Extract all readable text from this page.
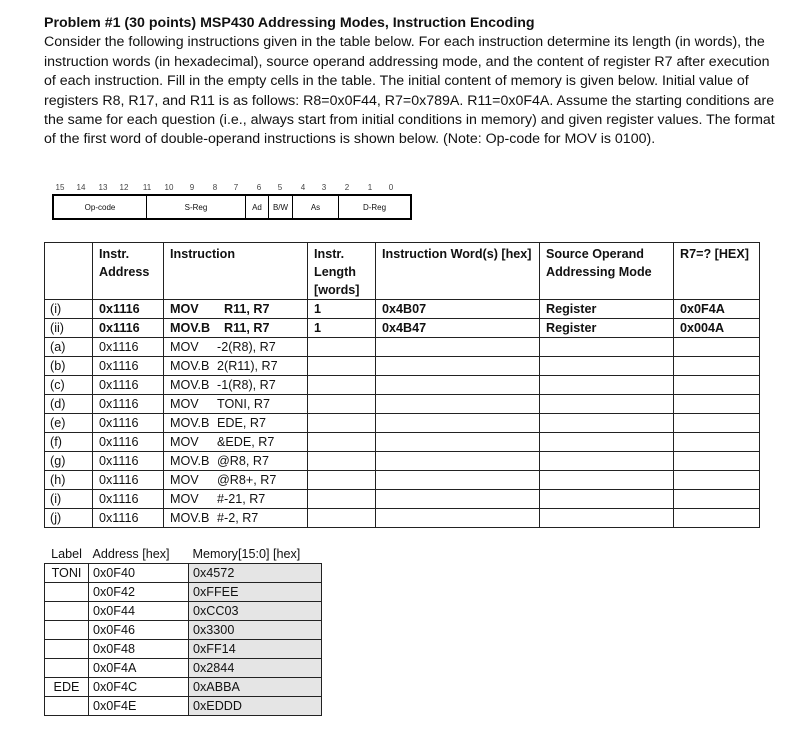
Problem #1 (30 points) MSP430 Addressing Modes, Instruction Encoding
Consider the following instructions given in the table below. For each instruction determine its length (in words), the instruction words (in hexadecimal), source operand addressing mode, and the content of register R7 after execution of each instruction. Fill in the empty cells in the table. The initial content of memory is given below. Initial value of registers R8, R17, and R11 is as follows: R8=0x0F44, R7=0x789A. R11=0x0F4A. Assume the starting conditions are the same for each question (i.e., always start from initial conditions in memory) and given register values. The format of the first word of double-operand instructions is shown below. (Note: Op-code for MOV is 0100).
15 14 13 12 11 10 9 8 7 6 5 4 3 2 1 0
Op-code	S-Reg	Ad	B/W	As	D-Reg
	Instr. Address	Instruction	Instr. Length [words]	Instruction Word(s) [hex]	Source Operand Addressing Mode	R7=? [HEX]
(i)	0x1116	MOV R11, R7	1	0x4B07	Register	0x0F4A
(ii)	0x1116	MOV.B R11, R7	1	0x4B47	Register	0x004A
(a)	0x1116	MOV -2(R8), R7				
(b)	0x1116	MOV.B 2(R11), R7				
(c)	0x1116	MOV.B -1(R8), R7				
(d)	0x1116	MOV TONI, R7				
(e)	0x1116	MOV.B EDE, R7				
(f)	0x1116	MOV &EDE, R7				
(g)	0x1116	MOV.B @R8, R7				
(h)	0x1116	MOV @R8+, R7				
(i)	0x1116	MOV #-21, R7				
(j)	0x1116	MOV.B #-2, R7				
Label	Address [hex]	Memory[15:0] [hex]
TONI	0x0F40	0x4572
	0x0F42	0xFFEE
	0x0F44	0xCC03
	0x0F46	0x3300
	0x0F48	0xFF14
	0x0F4A	0x2844
EDE	0x0F4C	0xABBA
	0x0F4E	0xEDDD
